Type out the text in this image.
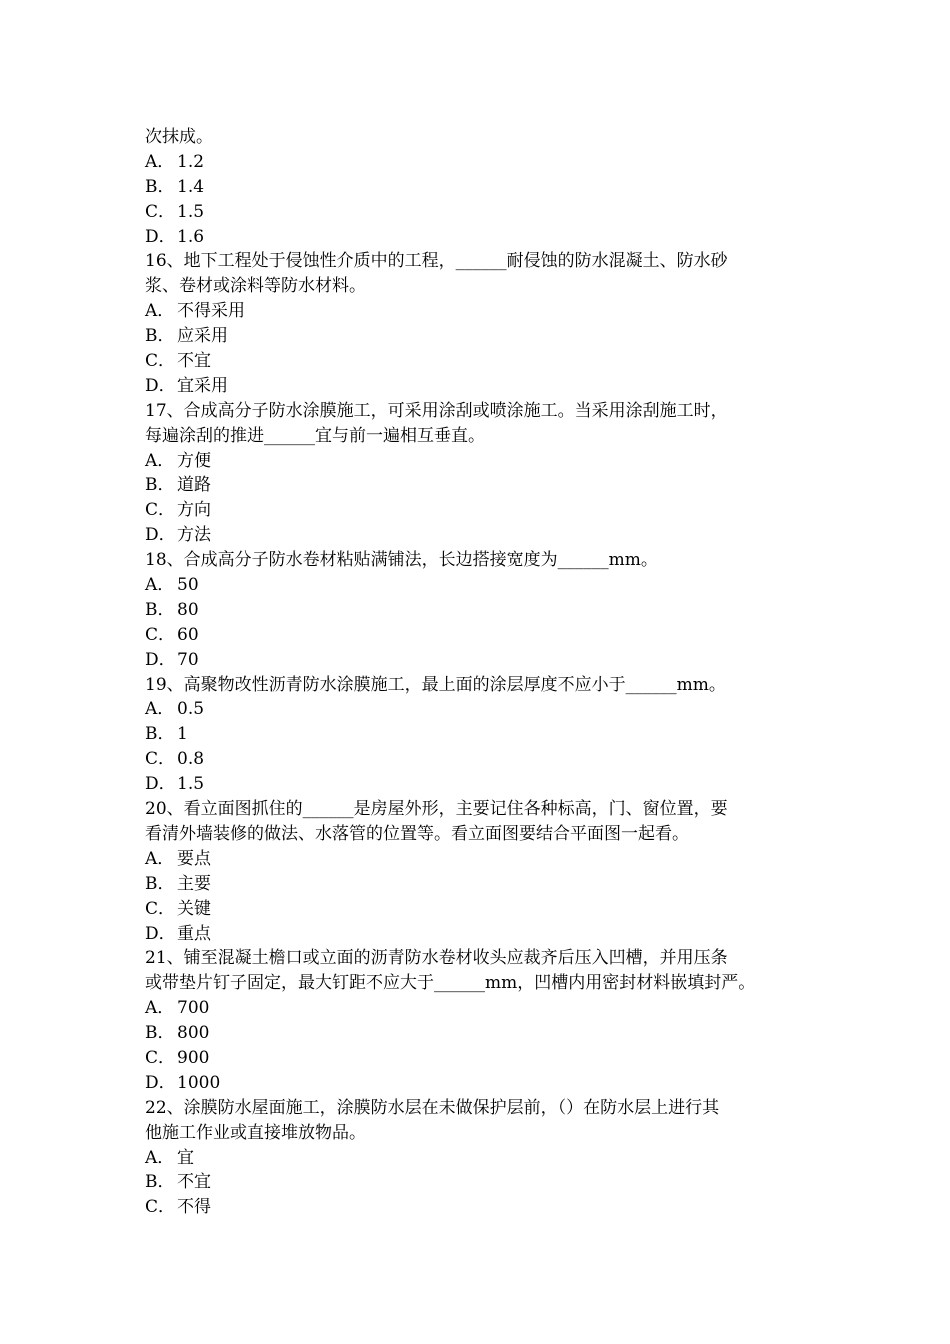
次抹成。
A． 1.2
B． 1.4
C． 1.5
D．1.6
16、地下工程处于侵蚀性介质中的工程，______耐侵蚀的防水混凝土、防水砂
浆、卷材或涂料等防水材料。
A． 不得采用
B． 应采用
C． 不宜
D．宜采用
17、合成高分子防水涂膜施工，可采用涂刮或喷涂施工。当采用涂刮施工时，
每遍涂刮的推进______宜与前一遍相互垂直。
A． 方便
B． 道路
C． 方向
D．方法
18、合成高分子防水卷材粘贴满铺法，长边搭接宽度为______mm。
A． 50
B． 80
C． 60
D．70
19、高聚物改性沥青防水涂膜施工，最上面的涂层厚度不应小于______mm。
A． 0.5
B． 1
C． 0.8
D．1.5
20、看立面图抓住的______是房屋外形，主要记住各种标高，门、窗位置，要
看清外墙装修的做法、水落管的位置等。看立面图要结合平面图一起看。
A． 要点
B． 主要
C． 关键
D．重点
21、铺至混凝土檐口或立面的沥青防水卷材收头应裁齐后压入凹槽，并用压条
或带垫片钉子固定，最大钉距不应大于______mm，凹槽内用密封材料嵌填封严。
A． 700
B． 800
C． 900
D．1000
22、涂膜防水屋面施工，涂膜防水层在未做保护层前，（）在防水层上进行其
他施工作业或直接堆放物品。
A． 宜
B． 不宜
C． 不得
